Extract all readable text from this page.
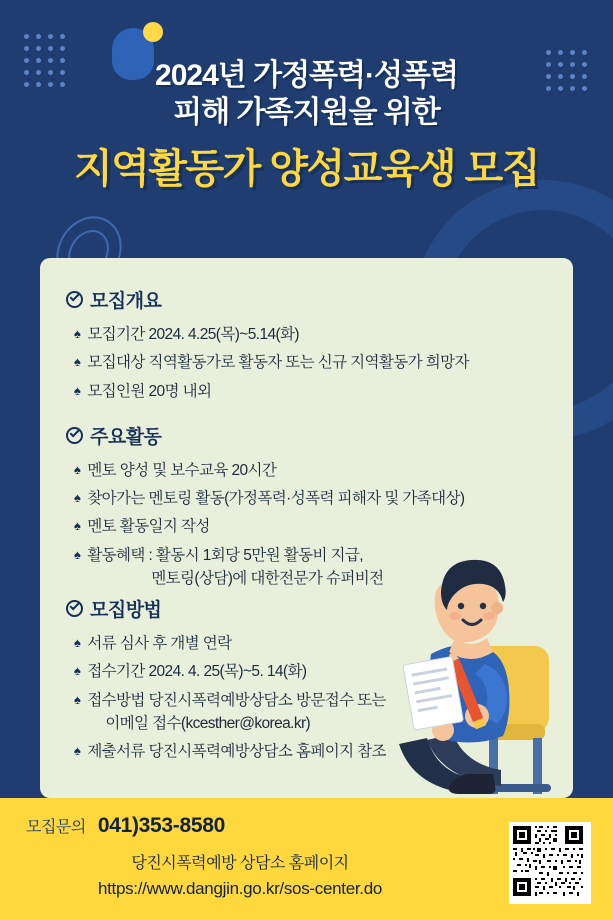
2024년 가정폭력·성폭력
피해 가족지원을 위한
지역활동가 양성교육생 모집
모집개요
♠ 모집기간 2024. 4.25(목)~5.14(화)
♠ 모집대상 직역활동가로 활동자 또는 신규 지역활동가 희망자
♠ 모집인원 20명 내외
주요활동
♠ 멘토 양성 및 보수교육 20시간
♠ 찾아가는 멘토링 활동(가정폭력·성폭력 피해자 및 가족대상)
♠ 멘토 활동일지 작성
♠ 활동혜택 : 활동시 1회당 5만원 활동비 지급,
멘토링(상담)에 대한전문가 슈퍼비전
모집방법
♠ 서류 심사 후 개별 연락
♠ 접수기간 2024. 4. 25(목)~5. 14(화)
♠ 접수방법 당진시폭력예방상담소 방문접수 또는
이메일 접수(kcesther@korea.kr)
♠ 제출서류 당진시폭력예방상담소 홈페이지 참조
모집문의 041)353-8580
당진시폭력예방 상담소 홈페이지
https://www.dangjin.go.kr/sos-center.do
